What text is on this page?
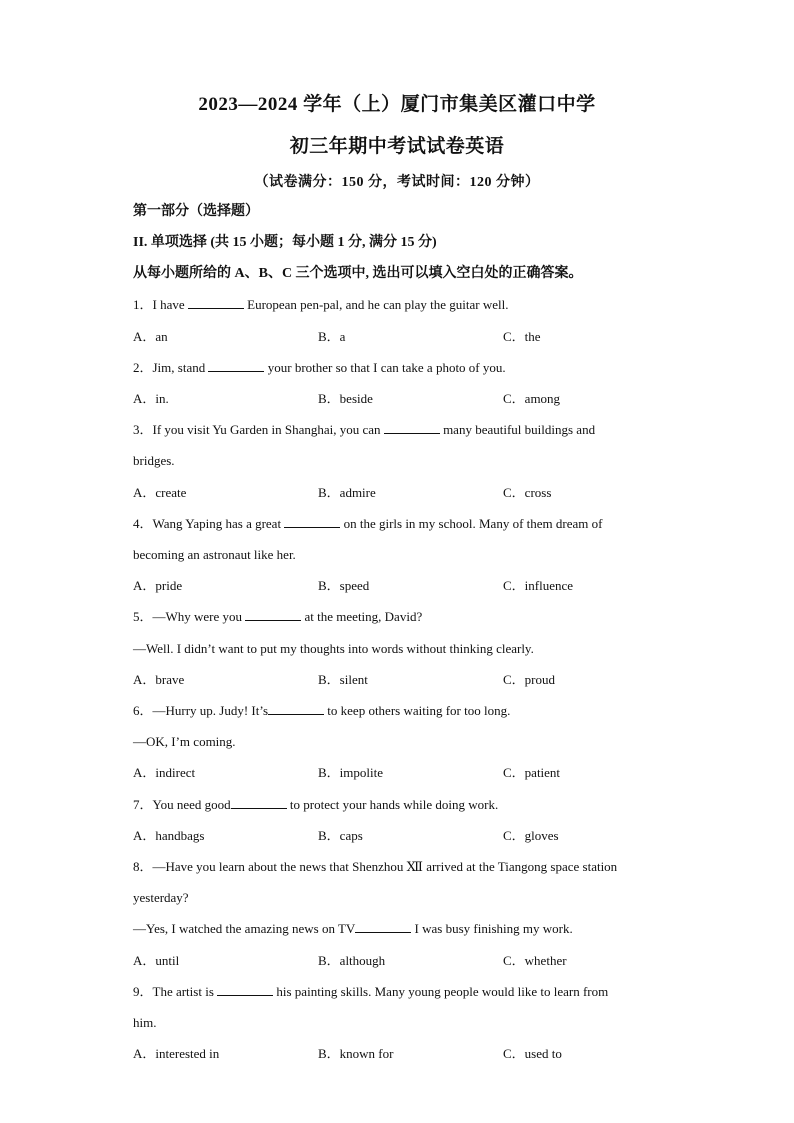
2023—2024 学年（上）厦门市集美区灌口中学
初三年期中考试试卷英语
（试卷满分：150 分，考试时间：120 分钟）
第一部分（选择题）
II. 单项选择 (共 15 小题；每小题 1 分, 满分 15 分)
从每小题所给的 A、B、C 三个选项中, 选出可以填入空白处的正确答案。
1．I have	European pen-pal, and he can play the guitar well.
A．an	B．a	C．the
2．Jim, stand	your brother so that I can take a photo of you.
A．in.	B．beside	C．among
3．If you visit Yu Garden in Shanghai, you can	many beautiful buildings and
bridges.
A．create	B．admire	C．cross
4．Wang Yaping has a great	on the girls in my school. Many of them dream of
becoming an astronaut like her.
A．pride	B．speed	C．influence
5．—Why were you	at the meeting, David?
—Well. I didn’t want to put my thoughts into words without thinking clearly.
A．brave	B．silent	C．proud
6．—Hurry up. Judy! It’s	to keep others waiting for too long.
—OK, I’m coming.
A．indirect	B．impolite	C．patient
7．You need good	to protect your hands while doing work.
A．handbags	B．caps	C．gloves
8．—Have you learn about the news that Shenzhou Ⅻ arrived at the Tiangong space station
yesterday?
—Yes, I watched the amazing news on TV	I was busy finishing my work.
A．until	B．although	C．whether
9．The artist is	his painting skills. Many young people would like to learn from
him.
A．interested in	B．known for	C．used to
